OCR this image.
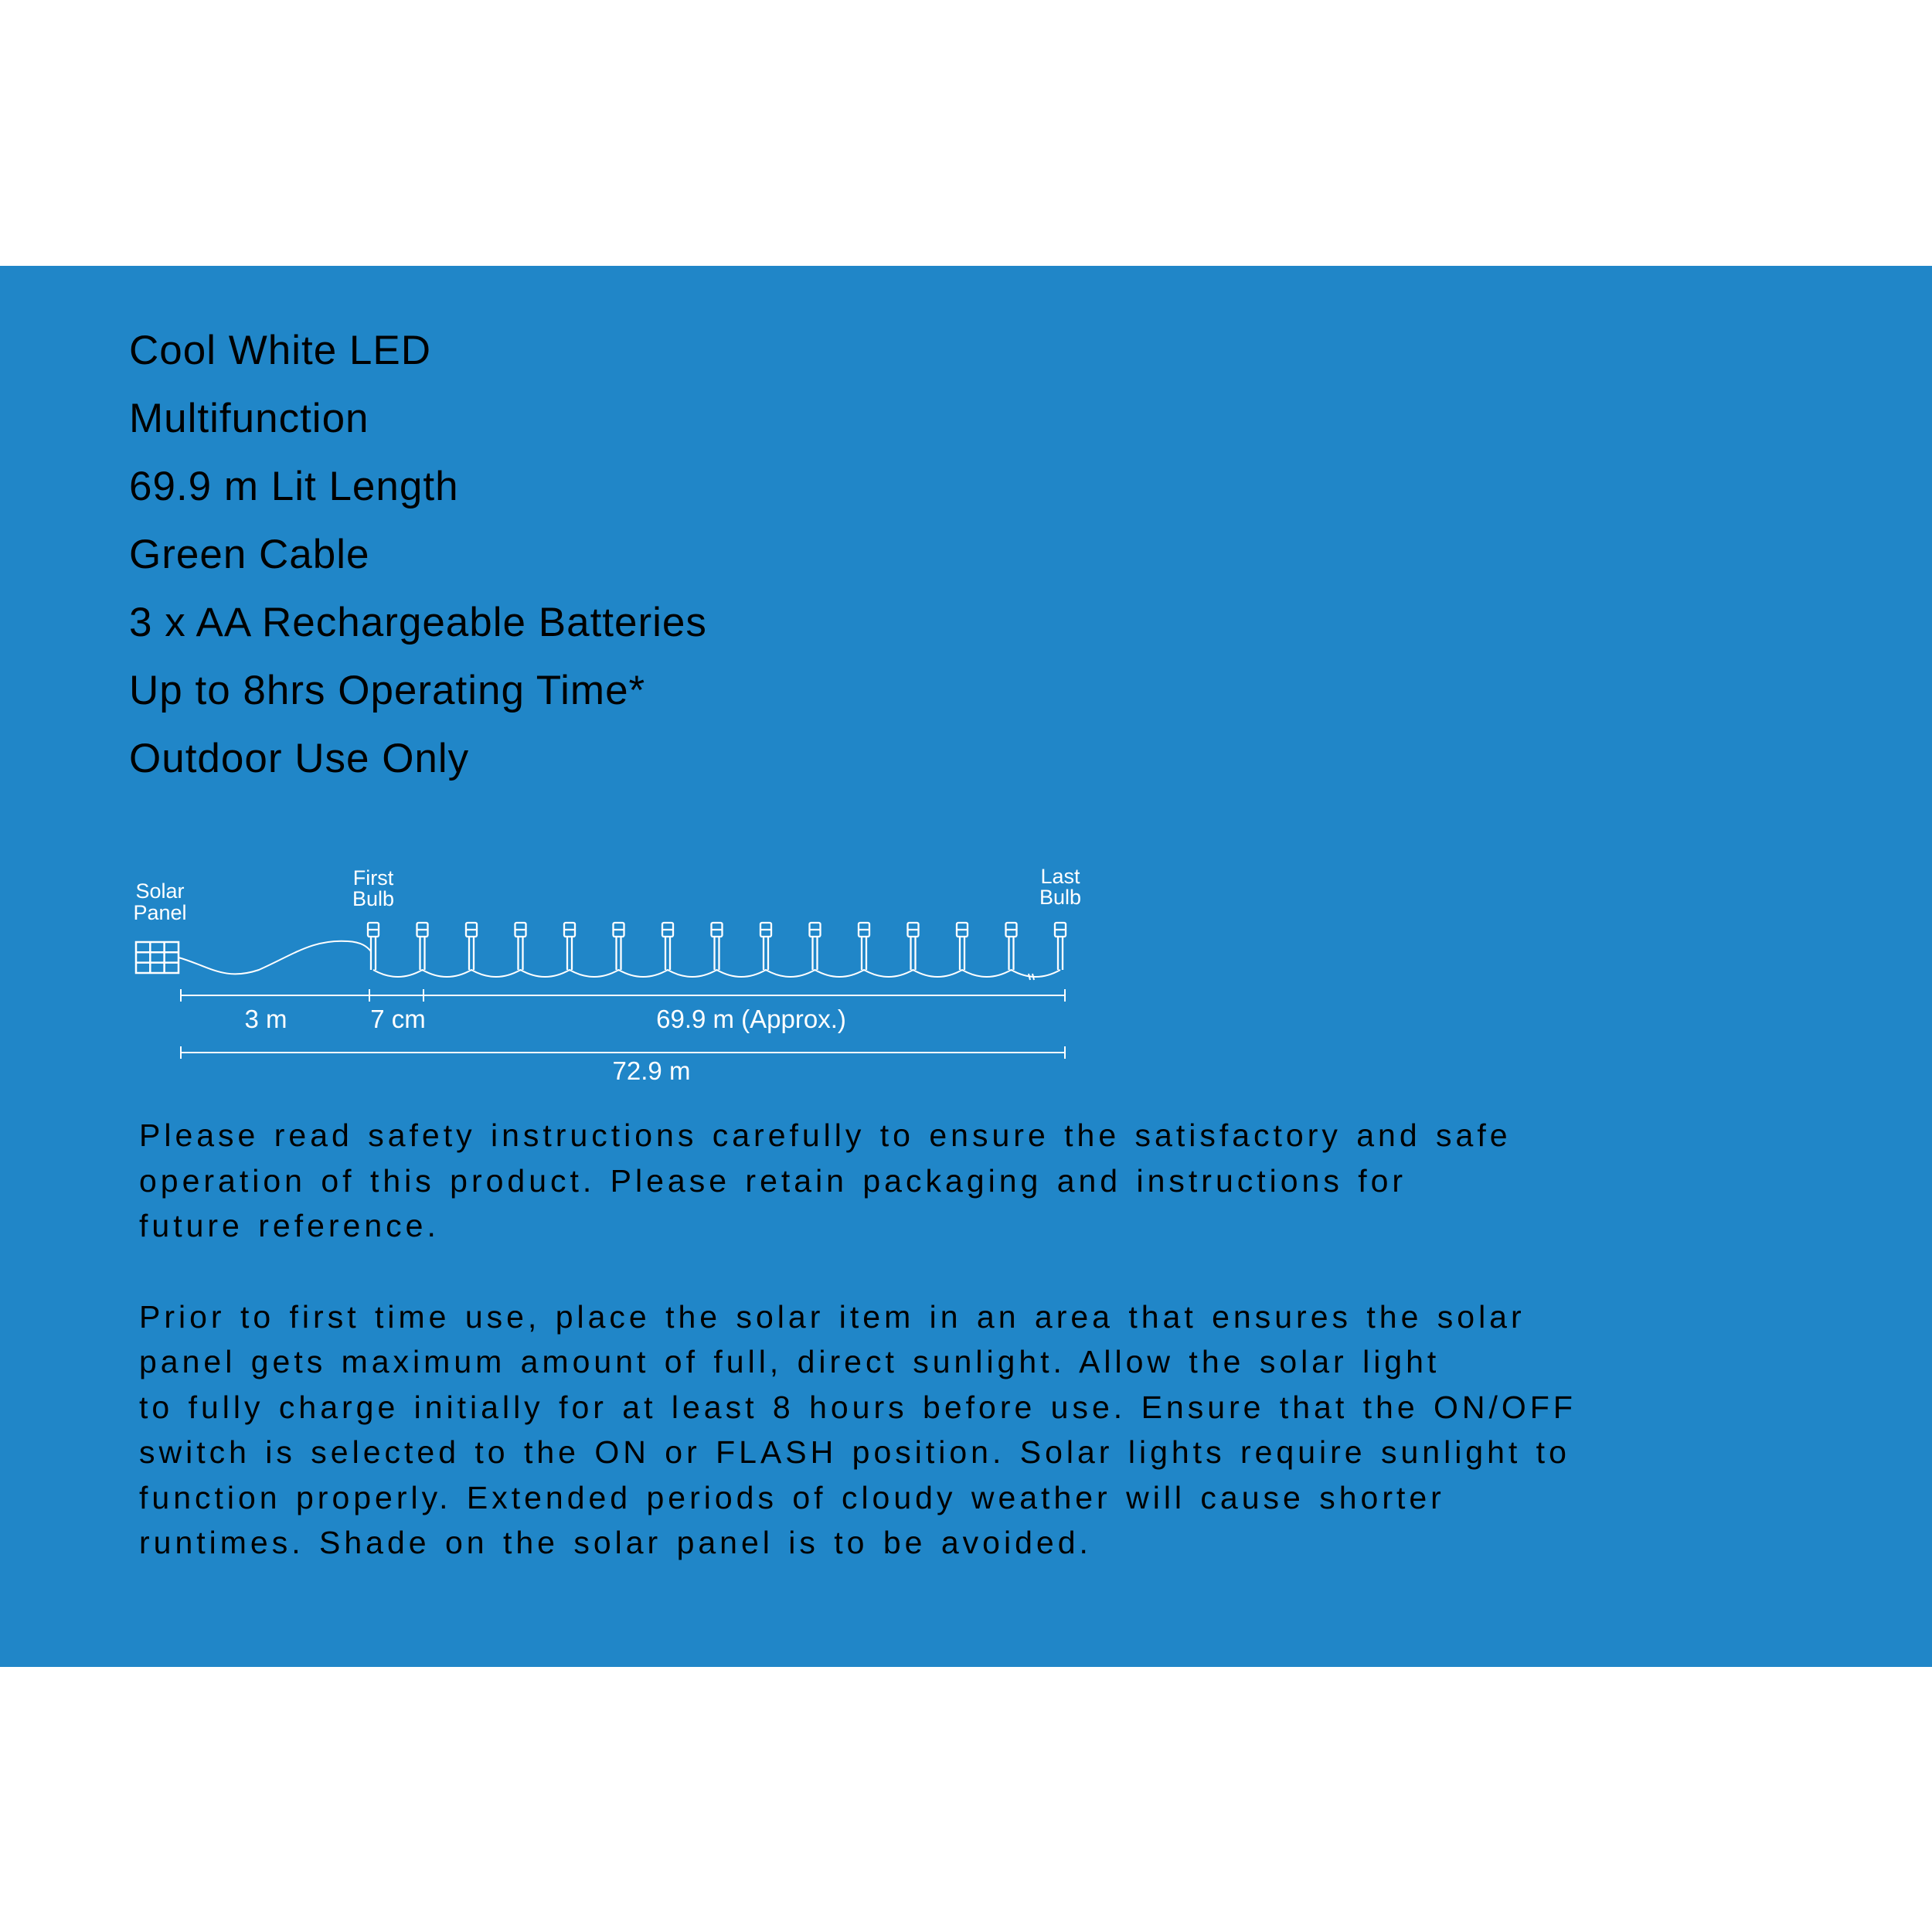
Cool White LED
Multifunction
69.9 m Lit Length
Green Cable
3 x AA Rechargeable Batteries
Up to 8hrs Operating Time*
Outdoor Use Only
Solar
Panel
First
Bulb
Last
Bulb
3 m	7 cm	69.9 m (Approx.)
72.9 m

Please read safety instructions carefully to ensure the satisfactory and safe
operation of this product. Please retain packaging and instructions for
future reference.

Prior to first time use, place the solar item in an area that ensures the solar
panel gets maximum amount of full, direct sunlight. Allow the solar light
to fully charge initially for at least 8 hours before use. Ensure that the ON/OFF
switch is selected to the ON or FLASH position. Solar lights require sunlight to
function properly. Extended periods of cloudy weather will cause shorter
runtimes. Shade on the solar panel is to be avoided.
